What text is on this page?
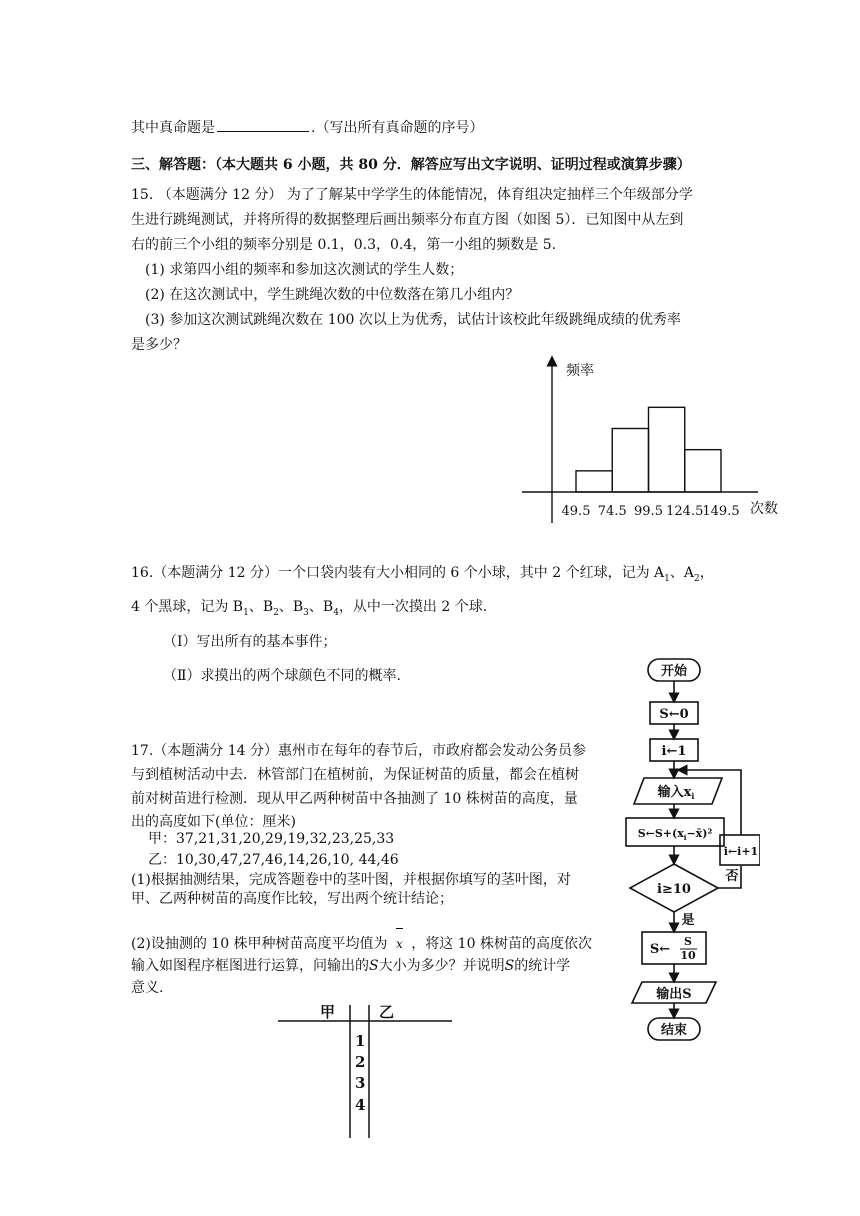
其中真命题是	.（写出所有真命题的序号）
三、解答题：（本大题共 6 小题，共 80 分．解答应写出文字说明、证明过程或演算步骤）
15. （本题满分 12 分） 为了了解某中学学生的体能情况，体育组决定抽样三个年级部分学
生进行跳绳测试，并将所得的数据整理后画出频率分布直方图（如图 5）．已知图中从左到
右的前三个小组的频率分别是 0.1，0.3，0.4，第一小组的频数是 5.
(1) 求第四小组的频率和参加这次测试的学生人数；
(2) 在这次测试中，学生跳绳次数的中位数落在第几小组内？
(3) 参加这次测试跳绳次数在 100 次以上为优秀，试估计该校此年级跳绳成绩的优秀率
是多少？
频率
次数
49.5 74.5 99.5 124.5 149.5
16.（本题满分 12 分）一个口袋内装有大小相同的 6 个小球，其中 2 个红球，记为 $A_1$、$A_2$，
4 个黑球，记为 $B_1$、$B_2$、$B_3$、$B_4$，从中一次摸出 2 个球.
（Ⅰ）写出所有的基本事件；
（Ⅱ）求摸出的两个球颜色不同的概率.
17.（本题满分 14 分）惠州市在每年的春节后，市政府都会发动公务员参
与到植树活动中去．林管部门在植树前，为保证树苗的质量，都会在植树
前对树苗进行检测．现从甲乙两种树苗中各抽测了 10 株树苗的高度，量
出的高度如下(单位：厘米)
甲：37,21,31,20,29,19,32,23,25,33
乙：10,30,47,27,46,14,26,10, 44,46
(1)根据抽测结果，完成答题卷中的茎叶图，并根据你填写的茎叶图，对
甲、乙两种树苗的高度作比较，写出两个统计结论；
(2)设抽测的 10 株甲种树苗高度平均值为 x ，将这 10 株树苗的高度依次
输入如图程序框图进行运算，问输出的S大小为多少？并说明S的统计学
意义.
甲	乙
1
2
3
4
开始
S←0
i←1
输入$x_i$
$S\leftarrow S+(x_i-x̄)^2$
i≥10
i←i+1
否
是
S←
S
10
输出S
结束
